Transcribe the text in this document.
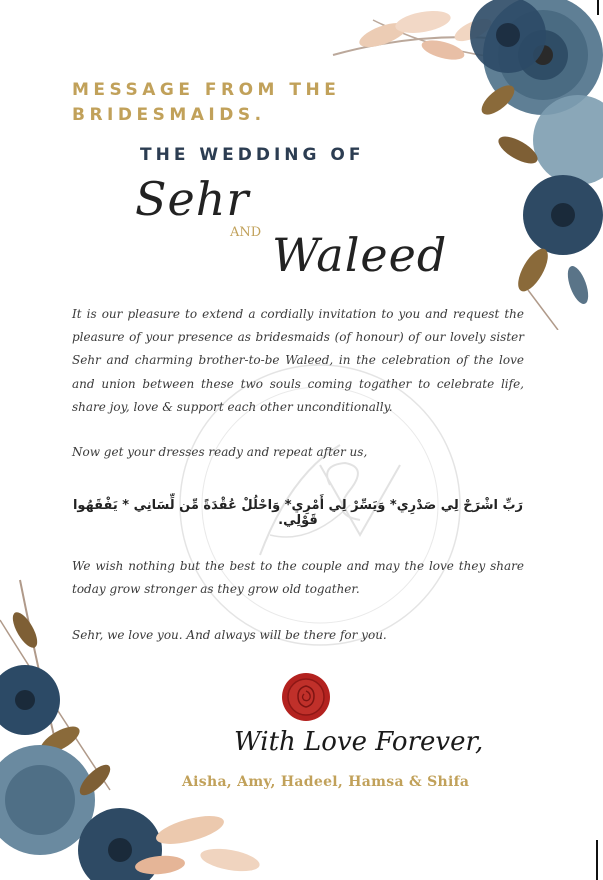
MESSAGE FROM THE
BRIDESMAIDS.
THE WEDDING OF
Sehr
AND Waleed

It is our pleasure to extend a cordially invitation to you and request the pleasure of your presence as bridesmaids (of honour) of our lovely sister Sehr and charming brother-to-be Waleed, in the celebration of the love and union between these two souls coming togather to celebrate life, share joy, love & support each other unconditionally.

Now get your dresses ready and repeat after us,

رَبِّ اشْرَحْ لِي صَدْرِي* وَيَسِّرْ لِي أَمْرِي* وَاحْلُلْ عُقْدَةً مِّن لِّسَانِي * يَفْقَهُوا قَوْلِي.

We wish nothing but the best to the couple and may the love they share today grow stronger as they grow old togather.

Sehr, we love you. And always will be there for you.

With Love Forever,
Aisha, Amy, Hadeel, Hamsa & Shifa
